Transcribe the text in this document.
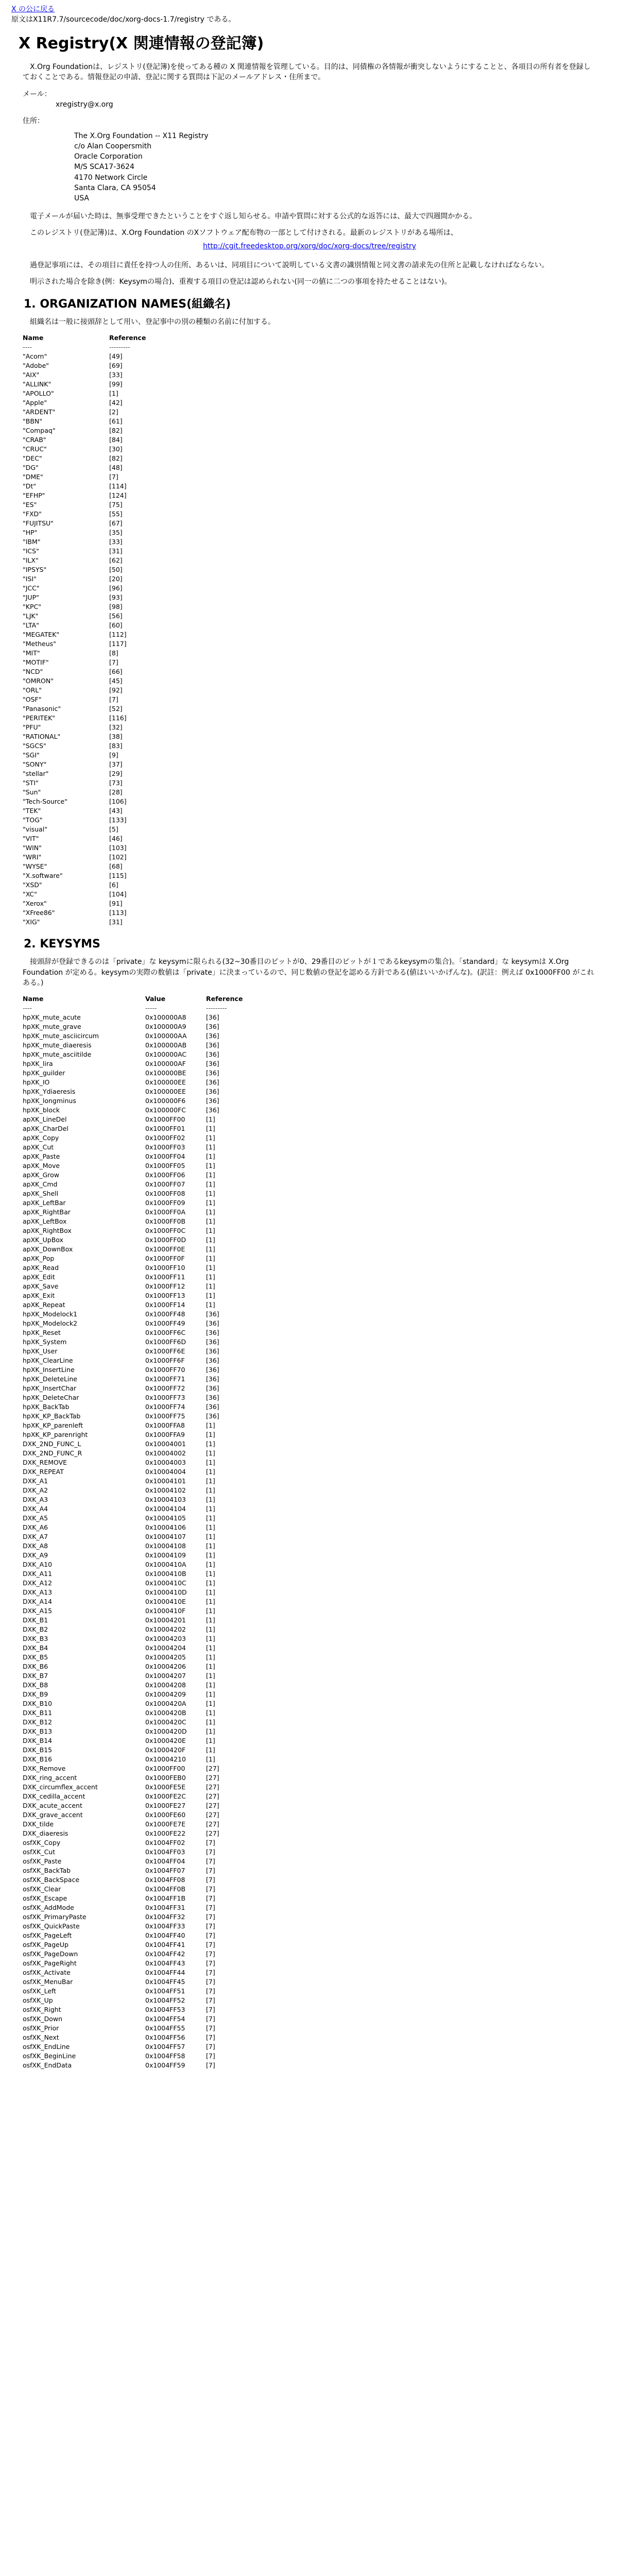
X の公に戻る
原文はX11R7.7/sourcecode/doc/xorg-docs-1.7/registry である。
X Registry(X 関連情報の登記簿)

X.Org Foundationは、レジストリ(登記簿)を使ってある種の X 関連情報を管理している。目的は、同債権の各情報が衝突しないようにすることと、各項目の所有者を登録しておくことである。情報登記の申請、登記に関する質問は下記のメールアドレス・住所まで。

メール：
xregistry@x.org
住所：
The X.Org Foundation -- X11 Registry
c/o Alan Coopersmith
Oracle Corporation
M/S SCA17-3624
4170 Network Circle
Santa Clara, CA 95054
USA

電子メールが届いた時は、無事受理できたということをすぐ返し知らせる。申請や質問に対する公式的な返答には、最大で四週間かかる。

このレジストリ(登記簿)は、X.Org Foundation のXソフトウェア配布物の一部として付けされる。最新のレジストリがある場所は、

http://cgit.freedesktop.org/xorg/doc/xorg-docs/tree/registry

過登記事項には、その項目に責任を持つ人の住所、あるいは、同項目について説明している文書の識別情報と同文書の請求先の住所と記載しなければならない。

明示された場合を除き(例：Keysymの場合)、重複する項目の登記は認められない(同一の値に二つの事項を持たせることはない)。

1. ORGANIZATION NAMES(組織名)

組織名は一般に接頭辞として用い、登記事中の別の種類の名前に付加する。

Name	Reference
----	---------
"Acorn"	[49]
"Adobe"	[69]
"AIX"	[33]
"ALLINK"	[99]
"APOLLO"	[1]
"Apple"	[42]
"ARDENT"	[2]
"BBN"	[61]
"Compaq"	[82]
"CRAB"	[84]
"CRUC"	[30]
"DEC"	[82]
"DG"	[48]
"DME"	[7]
"Dt"	[114]
"EFHP"	[124]
"ES"	[75]
"FXD"	[55]
"FUJITSU"	[67]
"HP"	[35]
"IBM"	[33]
"ICS"	[31]
"ILX"	[62]
"IPSYS"	[50]
"ISI"	[20]
"JCC"	[96]
"JUP"	[93]
"KPC"	[98]
"LJK"	[56]
"LTA"	[60]
"MEGATEK"	[112]
"Metheus"	[117]
"MIT"	[8]
"MOTIF"	[7]
"NCD"	[66]
"OMRON"	[45]
"ORL"	[92]
"OSF"	[7]
"Panasonic"	[52]
"PERITEK"	[116]
"PFU"	[32]
"RATIONAL"	[38]
"SGCS"	[83]
"SGI"	[9]
"SONY"	[37]
"stellar"	[29]
"STI"	[73]
"Sun"	[28]
"Tech-Source"	[106]
"TEK"	[43]
"TOG"	[133]
"visual"	[5]
"VIT"	[46]
"WIN"	[103]
"WRI"	[102]
"WYSE"	[68]
"X.software"	[115]
"XSD"	[6]
"XC"	[104]
"Xerox"	[91]
"XFree86"	[113]
"XIG"	[31]
2. KEYSYMS

接頭辞が登録できるのは「private」な keysymに限られる(32~30番目のビットが0、29番目のビットが１であるkeysymの集合)。「standard」な keysymは X.Org Foundation が定める。keysymの実際の数値は「private」に決まっているので、同じ数値の登記を認める方針である(値はいいかげんな)。(訳註：例えば 0x1000FF00 がこれある。)

Name	Value	Reference
----	-----	---------
hpXK_mute_acute	0x100000A8	[36]
hpXK_mute_grave	0x100000A9	[36]
hpXK_mute_asciicircum	0x100000AA	[36]
hpXK_mute_diaeresis	0x100000AB	[36]
hpXK_mute_asciitilde	0x100000AC	[36]
hpXK_lira	0x100000AF	[36]
hpXK_guilder	0x100000BE	[36]
hpXK_IO	0x100000EE	[36]
hpXK_Ydiaeresis	0x100000EE	[36]
hpXK_longminus	0x100000F6	[36]
hpXK_block	0x100000FC	[36]
apXK_LineDel	0x1000FF00	[1]
apXK_CharDel	0x1000FF01	[1]
apXK_Copy	0x1000FF02	[1]
apXK_Cut	0x1000FF03	[1]
apXK_Paste	0x1000FF04	[1]
apXK_Move	0x1000FF05	[1]
apXK_Grow	0x1000FF06	[1]
apXK_Cmd	0x1000FF07	[1]
apXK_Shell	0x1000FF08	[1]
apXK_LeftBar	0x1000FF09	[1]
apXK_RightBar	0x1000FF0A	[1]
apXK_LeftBox	0x1000FF0B	[1]
apXK_RightBox	0x1000FF0C	[1]
apXK_UpBox	0x1000FF0D	[1]
apXK_DownBox	0x1000FF0E	[1]
apXK_Pop	0x1000FF0F	[1]
apXK_Read	0x1000FF10	[1]
apXK_Edit	0x1000FF11	[1]
apXK_Save	0x1000FF12	[1]
apXK_Exit	0x1000FF13	[1]
apXK_Repeat	0x1000FF14	[1]
hpXK_Modelock1	0x1000FF48	[36]
hpXK_Modelock2	0x1000FF49	[36]
hpXK_Reset	0x1000FF6C	[36]
hpXK_System	0x1000FF6D	[36]
hpXK_User	0x1000FF6E	[36]
hpXK_ClearLine	0x1000FF6F	[36]
hpXK_InsertLine	0x1000FF70	[36]
hpXK_DeleteLine	0x1000FF71	[36]
hpXK_InsertChar	0x1000FF72	[36]
hpXK_DeleteChar	0x1000FF73	[36]
hpXK_BackTab	0x1000FF74	[36]
hpXK_KP_BackTab	0x1000FF75	[36]
hpXK_KP_parenleft	0x1000FFA8	[1]
hpXK_KP_parenright	0x1000FFA9	[1]
DXK_2ND_FUNC_L	0x10004001	[1]
DXK_2ND_FUNC_R	0x10004002	[1]
DXK_REMOVE	0x10004003	[1]
DXK_REPEAT	0x10004004	[1]
DXK_A1	0x10004101	[1]
DXK_A2	0x10004102	[1]
DXK_A3	0x10004103	[1]
DXK_A4	0x10004104	[1]
DXK_A5	0x10004105	[1]
DXK_A6	0x10004106	[1]
DXK_A7	0x10004107	[1]
DXK_A8	0x10004108	[1]
DXK_A9	0x10004109	[1]
DXK_A10	0x1000410A	[1]
DXK_A11	0x1000410B	[1]
DXK_A12	0x1000410C	[1]
DXK_A13	0x1000410D	[1]
DXK_A14	0x1000410E	[1]
DXK_A15	0x1000410F	[1]
DXK_B1	0x10004201	[1]
DXK_B2	0x10004202	[1]
DXK_B3	0x10004203	[1]
DXK_B4	0x10004204	[1]
DXK_B5	0x10004205	[1]
DXK_B6	0x10004206	[1]
DXK_B7	0x10004207	[1]
DXK_B8	0x10004208	[1]
DXK_B9	0x10004209	[1]
DXK_B10	0x1000420A	[1]
DXK_B11	0x1000420B	[1]
DXK_B12	0x1000420C	[1]
DXK_B13	0x1000420D	[1]
DXK_B14	0x1000420E	[1]
DXK_B15	0x1000420F	[1]
DXK_B16	0x10004210	[1]
DXK_Remove	0x1000FF00	[27]
DXK_ring_accent	0x1000FEB0	[27]
DXK_circumflex_accent	0x1000FE5E	[27]
DXK_cedilla_accent	0x1000FE2C	[27]
DXK_acute_accent	0x1000FE27	[27]
DXK_grave_accent	0x1000FE60	[27]
DXK_tilde	0x1000FE7E	[27]
DXK_diaeresis	0x1000FE22	[27]
osfXK_Copy	0x1004FF02	[7]
osfXK_Cut	0x1004FF03	[7]
osfXK_Paste	0x1004FF04	[7]
osfXK_BackTab	0x1004FF07	[7]
osfXK_BackSpace	0x1004FF08	[7]
osfXK_Clear	0x1004FF0B	[7]
osfXK_Escape	0x1004FF1B	[7]
osfXK_AddMode	0x1004FF31	[7]
osfXK_PrimaryPaste	0x1004FF32	[7]
osfXK_QuickPaste	0x1004FF33	[7]
osfXK_PageLeft	0x1004FF40	[7]
osfXK_PageUp	0x1004FF41	[7]
osfXK_PageDown	0x1004FF42	[7]
osfXK_PageRight	0x1004FF43	[7]
osfXK_Activate	0x1004FF44	[7]
osfXK_MenuBar	0x1004FF45	[7]
osfXK_Left	0x1004FF51	[7]
osfXK_Up	0x1004FF52	[7]
osfXK_Right	0x1004FF53	[7]
osfXK_Down	0x1004FF54	[7]
osfXK_Prior	0x1004FF55	[7]
osfXK_Next	0x1004FF56	[7]
osfXK_EndLine	0x1004FF57	[7]
osfXK_BeginLine	0x1004FF58	[7]
osfXK_EndData	0x1004FF59	[7]
